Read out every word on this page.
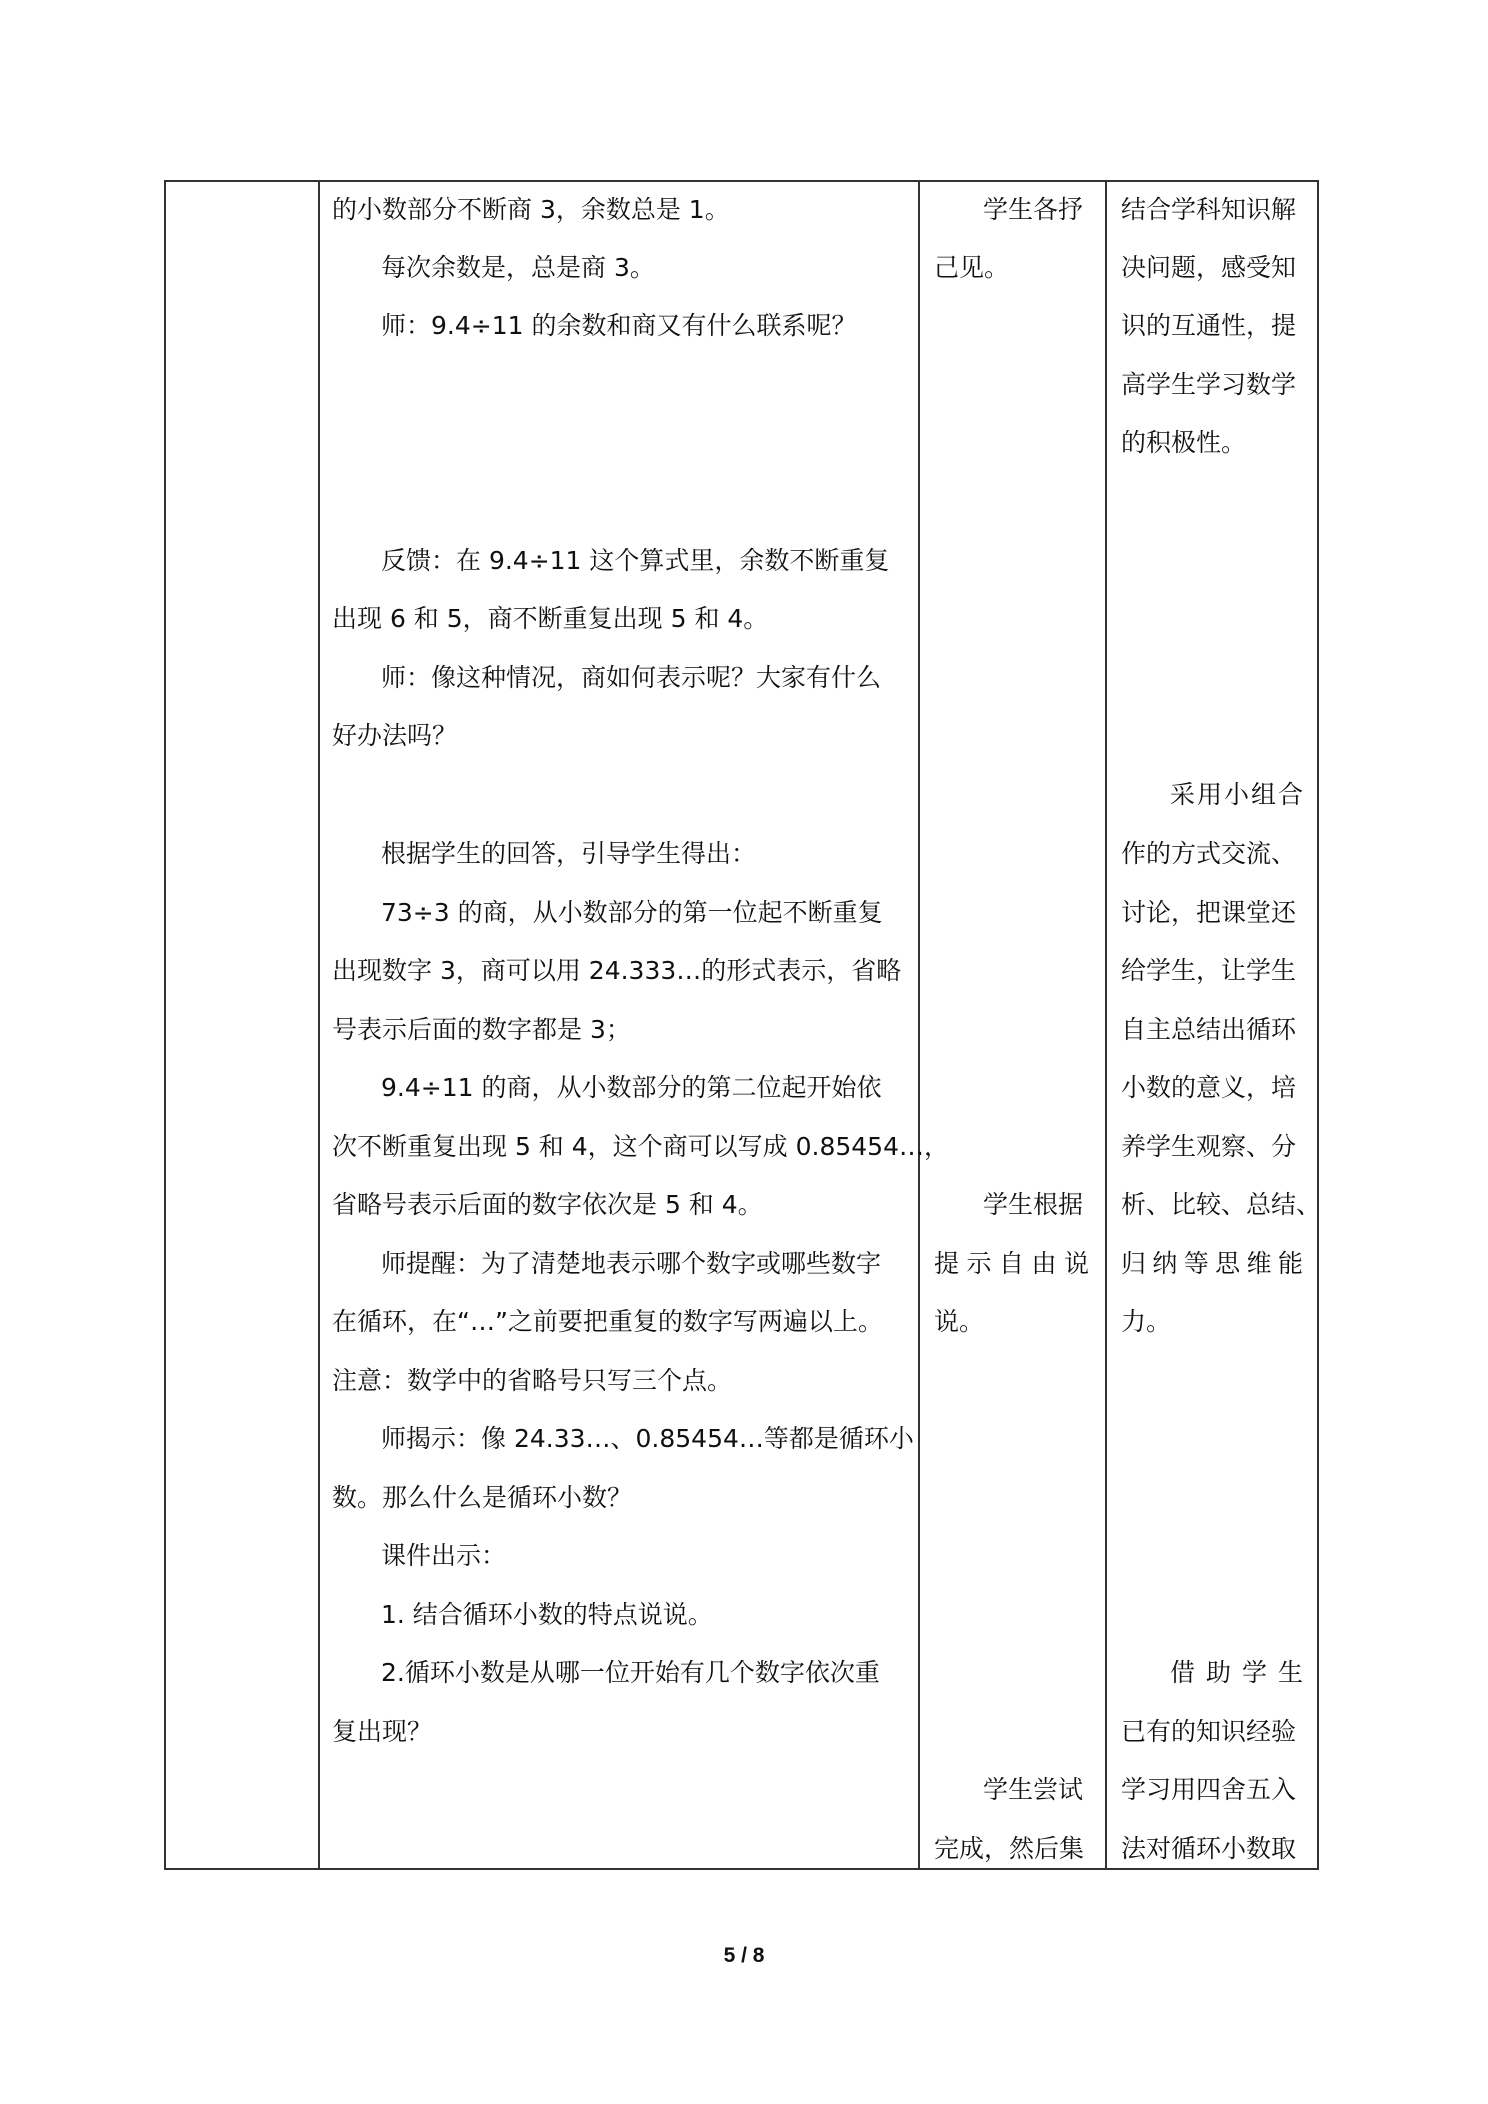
的小数部分不断商 3，余数总是 1。
每次余数是，总是商 3。
师：9.4÷11 的余数和商又有什么联系呢？
反馈：在 9.4÷11 这个算式里，余数不断重复
出现 6 和 5，商不断重复出现 5 和 4。
师：像这种情况，商如何表示呢？大家有什么
好办法吗？
根据学生的回答，引导学生得出：
73÷3 的商，从小数部分的第一位起不断重复
出现数字 3，商可以用 24.333…的形式表示，省略
号表示后面的数字都是 3；
9.4÷11 的商，从小数部分的第二位起开始依
次不断重复出现 5 和 4，这个商可以写成 0.85454…，
省略号表示后面的数字依次是 5 和 4。
师提醒：为了清楚地表示哪个数字或哪些数字
在循环，在“…”之前要把重复的数字写两遍以上。
注意：数学中的省略号只写三个点。
师揭示：像 24.33…、0.85454…等都是循环小
数。那么什么是循环小数？
课件出示：
1. 结合循环小数的特点说说。
2.循环小数是从哪一位开始有几个数字依次重
复出现？
学生各抒
己见。
学生根据
提 示 自 由 说
说。
学生尝试
完成，然后集
结合学科知识解
决问题，感受知
识的互通性，提
高学生学习数学
的积极性。
采 用 小 组 合
作的方式交流、
讨论，把课堂还
给学生，让学生
自主总结出循环
小数的意义，培
养学生观察、分
析、比较、总结、
归 纳 等 思 维 能
力。
借 助 学 生
已有的知识经验
学习用四舍五入
法对循环小数取
5 / 8
